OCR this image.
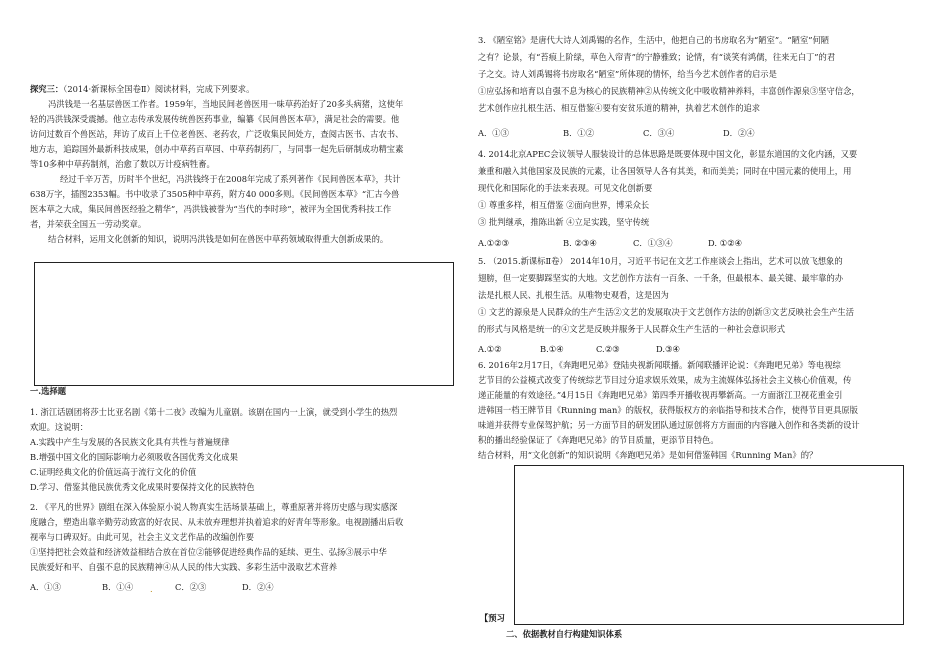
探究三：（2014·新课标全国卷Ⅱ）阅读材料，完成下列要求。

冯洪钱是一名基层兽医工作者。1959年，当地民间老兽医用一味草药治好了20多头病猪，这使年

轻的冯洪钱深受震撼。他立志传承发展传统兽医药事业，编纂《民间兽医本草》，满足社会的需要。他

访问过数百个兽医站，拜访了成百上千位老兽医、老药农，广泛收集民间处方，查阅古医书、古农书、

地方志，追踪国外最新科技成果，创办中草药百草园、中草药制药厂，与同事一起先后研制成功精宝素

等10多种中草药制剂，治愈了数以万计疫病牲畜。

经过千辛万苦，历时半个世纪，冯洪钱终于在2008年完成了系列著作《民间兽医本草》，共计

638万字，插图2353幅。书中收录了3505种中草药，附方40 000多则。《民间兽医本草》“汇古今兽

医本草之大成，集民间兽医经验之精华”，冯洪钱被誉为“当代的李时珍”，被评为全国优秀科技工作

者，并荣获全国五一劳动奖章。

结合材料，运用文化创新的知识，说明冯洪钱是如何在兽医中草药领域取得重大创新成果的。

一.选择题

1. 浙江话剧团将莎士比亚名剧《第十二夜》改编为儿童剧。该剧在国内一上演，就受到小学生的热烈

欢迎。这说明：

A.实践中产生与发展的各民族文化具有共性与普遍规律

B.增强中国文化的国际影响力必须吸收各国优秀文化成果

C.证明经典文化的价值远高于流行文化的价值

D.学习、借鉴其他民族优秀文化成果时要保持文化的民族特色

2. 《平凡的世界》剧组在深入体验原小说人物真实生活场景基础上，尊重原著并将历史感与现实感深

度融合，塑造出靠辛勤劳动致富的好农民、从未放弃理想并执着追求的好青年等形象。电视剧播出后收

视率与口碑双好。由此可见，社会主义文艺作品的改编创作要

①坚持把社会效益和经济效益相结合放在首位②能够促进经典作品的延续、更生、弘扬③展示中华

民族爱好和平、自强不息的民族精神④从人民的伟大实践、多彩生活中汲取艺术营养

A．①③	B．①④ .	C．②③	D．②④

3. 《陋室铭》是唐代大诗人刘禹锡的名作，生活中，他把自己的书房取名为“陋室”。“陋室”何陋

之有？论景，有“苔痕上阶绿，草色入帘青”的宁静雅致；论情，有“谈笑有鸿儒，往来无白丁”的君

子之交。诗人刘禹锡将书房取名“陋室”所体现的情怀，给当今艺术创作者的启示是

①应弘扬和培育以自强不息为核心的民族精神②从传统文化中吸收精神养料，丰富创作源泉③坚守信念，

艺术创作应扎根生活、相互借鉴④要有安贫乐道的精神，执着艺术创作的追求

A．①③	B．①②	C．③④	D．②④

4. 2014北京APEC会议领导人服装设计的总体思路是既要体现中国文化，彰显东道国的文化内涵，又要

兼重和融入其他国家及民族的元素，让各国领导人各有其美，和而美美；同时在中国元素的使用上，用

现代化和国际化的手法来表现。可见文化创新要

① 尊重多样，相互借鉴 ②面向世界，博采众长

③ 批判继承，推陈出新 ④立足实践，坚守传统

A.①②③	B. ②③④	C．①③④	D. ①②④

5. （2015.新课标Ⅱ卷） 2014年10月，习近平书记在文艺工作座谈会上指出，艺术可以放飞想象的

翅膀，但一定要脚踩坚实的大地。文艺创作方法有一百条、一千条，但最根本、最关键、最牢靠的办

法是扎根人民、扎根生活。从唯物史观看，这是因为

① 文艺的源泉是人民群众的生产生活②文艺的发展取决于文艺创作方法的创新③文艺反映社会生产生活

的形式与风格是统一的④文艺是反映并服务于人民群众生产生活的一种社会意识形式

A.①②	B.①④	C.②③	D.③④

6. 2016年2月17日，《奔跑吧兄弟》登陆央视新闻联播。新闻联播评论说：《奔跑吧兄弟》等电视综

艺节目的公益模式改变了传统综艺节目过分追求娱乐效果，成为主流媒体弘扬社会主义核心价值观，传

递正能量的有效途径。”4月15日《奔跑吧兄弟》第四季开播收视再攀新高。一方面浙江卫视花重金引

进韩国一档王牌节目《Running man》的版权，获得版权方的亲临指导和技术合作，使得节目更具原版

味道并获得专业保驾护航；另一方面节目的研发团队通过原创将方方面面的内容融入创作和各类新的设计

积的播出经验保证了《奔跑吧兄弟》的节目质量，更添节目特色。

结合材料，用“文化创新”的知识说明《奔跑吧兄弟》是如何借鉴韩国《Running Man》的？

【预习
二、依据教材自行构建知识体系
